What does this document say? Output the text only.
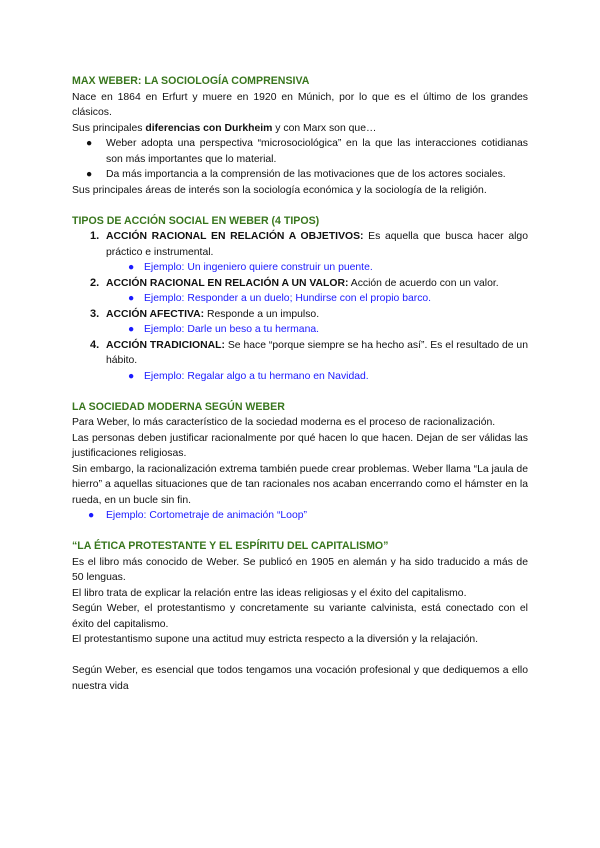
MAX WEBER: LA SOCIOLOGÍA COMPRENSIVA

Nace en 1864 en Erfurt y muere en 1920 en Múnich, por lo que es el último de los grandes clásicos.

Sus principales diferencias con Durkheim y con Marx son que…

● Weber adopta una perspectiva “microsociológica” en la que las interacciones cotidianas son más importantes que lo material.
● Da más importancia a la comprensión de las motivaciones que de los actores sociales.

Sus principales áreas de interés son la sociología económica y la sociología de la religión.

TIPOS DE ACCIÓN SOCIAL EN WEBER (4 TIPOS)

1. ACCIÓN RACIONAL EN RELACIÓN A OBJETIVOS: Es aquella que busca hacer algo práctico e instrumental.
● Ejemplo: Un ingeniero quiere construir un puente.
2. ACCIÓN RACIONAL EN RELACIÓN A UN VALOR: Acción de acuerdo con un valor.
● Ejemplo: Responder a un duelo; Hundirse con el propio barco.
3. ACCIÓN AFECTIVA: Responde a un impulso.
● Ejemplo: Darle un beso a tu hermana.
4. ACCIÓN TRADICIONAL: Se hace “porque siempre se ha hecho así”. Es el resultado de un hábito.
● Ejemplo: Regalar algo a tu hermano en Navidad.

LA SOCIEDAD MODERNA SEGÚN WEBER

Para Weber, lo más característico de la sociedad moderna es el proceso de racionalización.

Las personas deben justificar racionalmente por qué hacen lo que hacen. Dejan de ser válidas las justificaciones religiosas.

Sin embargo, la racionalización extrema también puede crear problemas. Weber llama “La jaula de hierro” a aquellas situaciones que de tan racionales nos acaban encerrando como el hámster en la rueda, en un bucle sin fin.

● Ejemplo: Cortometraje de animación “Loop”

“LA ÉTICA PROTESTANTE Y EL ESPÍRITU DEL CAPITALISMO”

Es el libro más conocido de Weber. Se publicó en 1905 en alemán y ha sido traducido a más de 50 lenguas.

El libro trata de explicar la relación entre las ideas religiosas y el éxito del capitalismo.

Según Weber, el protestantismo y concretamente su variante calvinista, está conectado con el éxito del capitalismo.

El protestantismo supone una actitud muy estricta respecto a la diversión y la relajación.

Según Weber, es esencial que todos tengamos una vocación profesional y que dediquemos a ello nuestra vida
